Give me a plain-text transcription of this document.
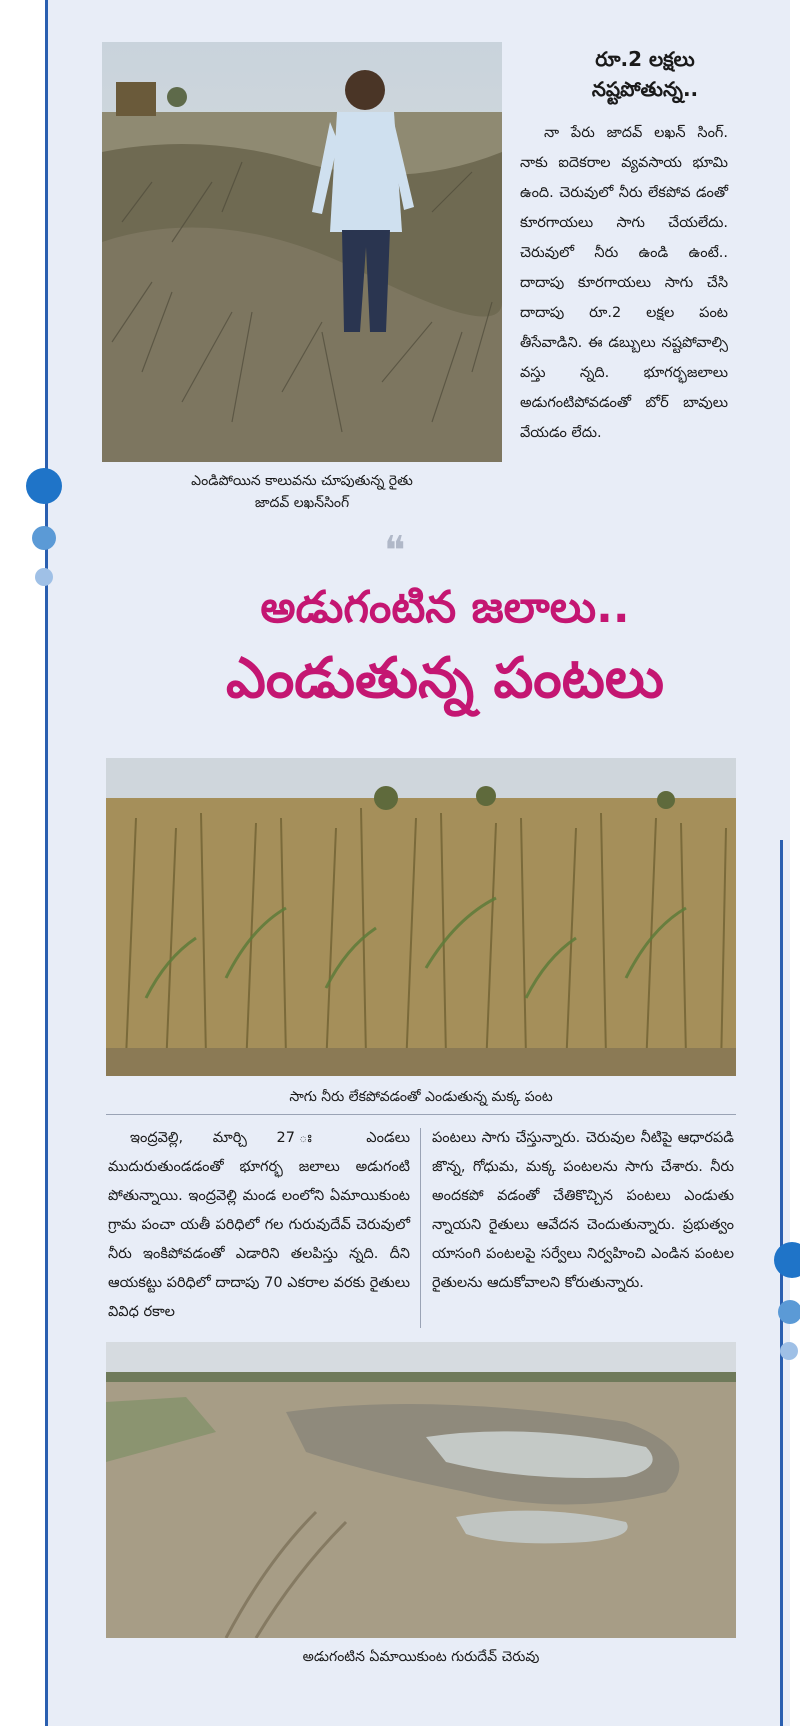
ఎండిపోయిన కాలువను చూపుతున్న రైతు
జాదవ్ లఖన్‌సింగ్
రూ.2 లక్షలు
నష్టపోతున్న..
నా పేరు జాదవ్ లఖన్ సింగ్. నాకు ఐదెకరాల వ్యవసాయ భూమి ఉంది. చెరువులో నీరు లేకపోవ డంతో కూరగాయలు సాగు చేయలేదు. చెరువులో నీరు ఉండి ఉంటే.. దాదాపు కూరగాయలు సాగు చేసి దాదాపు రూ.2 లక్షల పంట తీసేవాడిని. ఈ డబ్బులు నష్టపోవాల్సి వస్తు న్నది. భూగర్భజలాలు అడుగంటిపోవడంతో బోర్ బావులు వేయడం లేదు.
❝
అడుగంటిన జలాలు..
ఎండుతున్న పంటలు
సాగు నీరు లేకపోవడంతో ఎండుతున్న మక్క పంట
ఇంద్రవెల్లి, మార్చి 27 ః ఎండలు ముదురుతుండడంతో భూగర్భ జలాలు అడుగంటి పోతున్నాయి. ఇంద్రవెల్లి మండ లంలోని ఏమాయికుంట గ్రామ పంచా యతీ పరిధిలో గల గురువుదేవ్ చెరువులో నీరు ఇంకిపోవడంతో ఎడారిని తలపిస్తు న్నది. దీని ఆయకట్టు పరిధిలో దాదాపు 70 ఎకరాల వరకు రైతులు వివిధ రకాల
పంటలు సాగు చేస్తున్నారు. చెరువుల నీటిపై ఆధారపడి జొన్న, గోధుమ, మక్క పంటలను సాగు చేశారు. నీరు అందకపో వడంతో చేతికొచ్చిన పంటలు ఎండుతు న్నాయని రైతులు ఆవేదన చెందుతున్నారు. ప్రభుత్వం యాసంగి పంటలపై సర్వేలు నిర్వహించి ఎండిన పంటల రైతులను ఆదుకోవాలని కోరుతున్నారు.
అడుగంటిన ఏమాయికుంట గురుదేవ్ చెరువు
